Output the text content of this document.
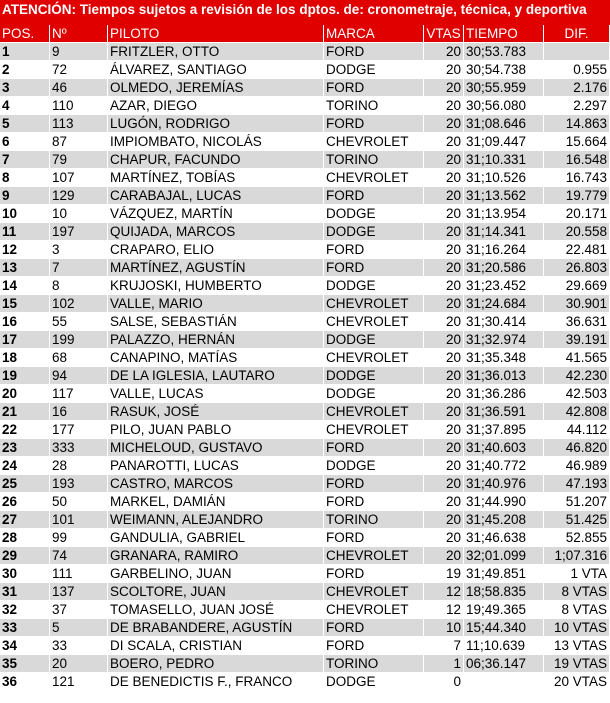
ATENCIÓN: Tiempos sujetos a revisión de los dptos. de: cronometraje, técnica, y deportiva
POS.	Nº	PILOTO	MARCA	VTAS	TIEMPO	DIF.
1	9	FRITZLER, OTTO	FORD	20	30;53.783	
2	72	ÁLVAREZ, SANTIAGO	DODGE	20	30;54.738	0.955
3	46	OLMEDO, JEREMÍAS	FORD	20	30;55.959	2.176
4	110	AZAR, DIEGO	TORINO	20	30;56.080	2.297
5	113	LUGÓN, RODRIGO	FORD	20	31;08.646	14.863
6	87	IMPIOMBATO, NICOLÁS	CHEVROLET	20	31;09.447	15.664
7	79	CHAPUR, FACUNDO	TORINO	20	31;10.331	16.548
8	107	MARTÍNEZ, TOBÍAS	CHEVROLET	20	31;10.526	16.743
9	129	CARABAJAL, LUCAS	FORD	20	31;13.562	19.779
10	10	VÁZQUEZ, MARTÍN	DODGE	20	31;13.954	20.171
11	197	QUIJADA, MARCOS	DODGE	20	31;14.341	20.558
12	3	CRAPARO, ELIO	FORD	20	31;16.264	22.481
13	7	MARTÍNEZ, AGUSTÍN	FORD	20	31;20.586	26.803
14	8	KRUJOSKI, HUMBERTO	DODGE	20	31;23.452	29.669
15	102	VALLE, MARIO	CHEVROLET	20	31;24.684	30.901
16	55	SALSE, SEBASTIÁN	CHEVROLET	20	31;30.414	36.631
17	199	PALAZZO, HERNÁN	DODGE	20	31;32.974	39.191
18	68	CANAPINO, MATÍAS	CHEVROLET	20	31;35.348	41.565
19	94	DE LA IGLESIA, LAUTARO	DODGE	20	31;36.013	42.230
20	117	VALLE, LUCAS	DODGE	20	31;36.286	42.503
21	16	RASUK, JOSÉ	CHEVROLET	20	31;36.591	42.808
22	177	PILO, JUAN PABLO	CHEVROLET	20	31;37.895	44.112
23	333	MICHELOUD, GUSTAVO	FORD	20	31;40.603	46.820
24	28	PANAROTTI, LUCAS	DODGE	20	31;40.772	46.989
25	193	CASTRO, MARCOS	FORD	20	31;40.976	47.193
26	50	MARKEL, DAMIÁN	FORD	20	31;44.990	51.207
27	101	WEIMANN, ALEJANDRO	TORINO	20	31;45.208	51.425
28	99	GANDULIA, GABRIEL	FORD	20	31;46.638	52.855
29	74	GRANARA, RAMIRO	CHEVROLET	20	32;01.099	1;07.316
30	111	GARBELINO, JUAN	FORD	19	31;49.851	1 VTA
31	137	SCOLTORE, JUAN	CHEVROLET	12	18;58.835	8 VTAS
32	37	TOMASELLO, JUAN JOSÉ	CHEVROLET	12	19;49.365	8 VTAS
33	5	DE BRABANDERE, AGUSTÍN	FORD	10	15;44.340	10 VTAS
34	33	DI SCALA, CRISTIAN	FORD	7	11;10.639	13 VTAS
35	20	BOERO, PEDRO	TORINO	1	06;36.147	19 VTAS
36	121	DE BENEDICTIS F., FRANCO	DODGE	0		20 VTAS
